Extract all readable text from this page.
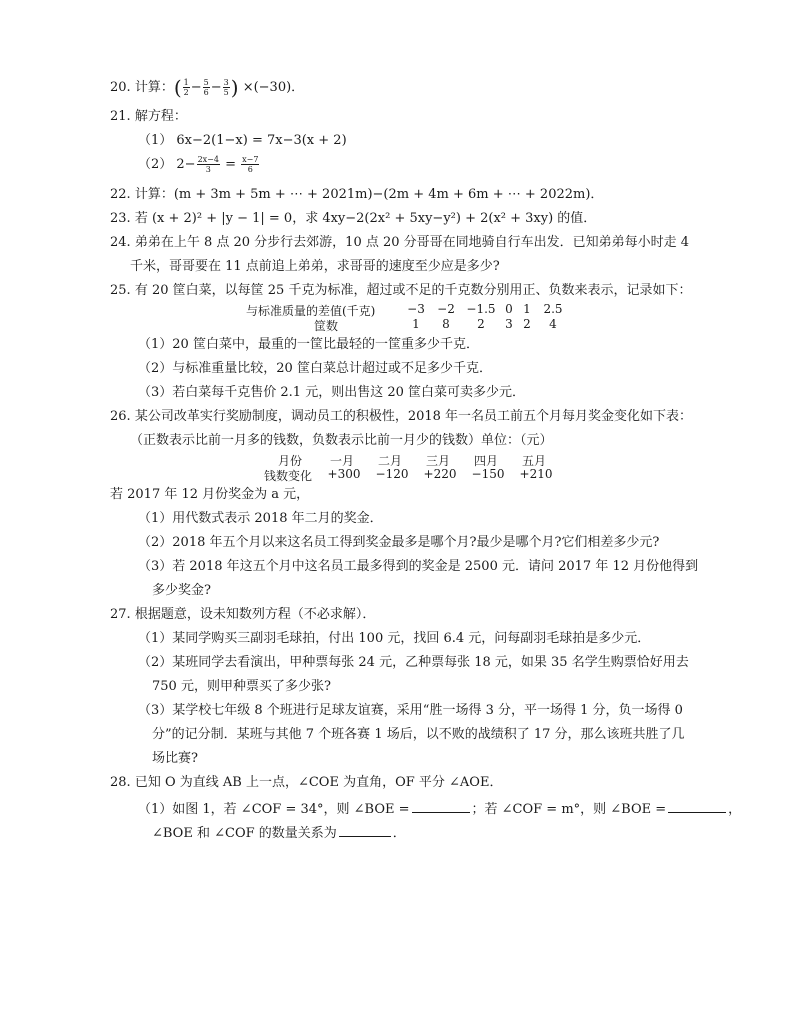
20. 计算：( $\frac{1}{2} - \frac{5}{6} - \frac{3}{5}$ ) ×(−30)．
21. 解方程：
（1） 6x−2(1−x) = 7x−3(x + 2)
（2） $2- \frac{2x-4}{3} = \frac{x-7}{6}$
22. 计算：(m + 3m + 5m + ⋯ + 2021m)−(2m + 4m + 6m + ⋯ + 2022m)．
23. 若 (x + 2)² + |y − 1| = 0，求 4xy−2(2x² + 5xy−y²) + 2(x² + 3xy) 的值．
24. 弟弟在上午 8 点 20 分步行去郊游，10 点 20 分哥哥在同地骑自行车出发．已知弟弟每小时走 4
千米，哥哥要在 11 点前追上弟弟，求哥哥的速度至少应是多少?
25. 有 20 筐白菜，以每筐 25 千克为标准，超过或不足的千克数分别用正、负数来表示，记录如下：
与标准质量的差值(千克)	−3 −2 −1.5 0 1	2.5
筐数	1	8	2	3 2	4
（1）20 筐白菜中，最重的一筐比最轻的一筐重多少千克．
（2）与标准重量比较，20 筐白菜总计超过或不足多少千克．
（3）若白菜每千克售价 2.1 元，则出售这 20 筐白菜可卖多少元．
26. 某公司改革实行奖励制度，调动员工的积极性，2018 年一名员工前五个月每月奖金变化如下表：
（正数表示比前一月多的钱数，负数表示比前一月少的钱数）单位：（元）
月份	一月	二月	三月	四月	五月
钱数变化	+300 −120 +220 −150 +210
若 2017 年 12 月份奖金为 a 元，
（1）用代数式表示 2018 年二月的奖金．
（2）2018 年五个月以来这名员工得到奖金最多是哪个月?最少是哪个月?它们相差多少元?
（3）若 2018 年这五个月中这名员工最多得到的奖金是 2500 元．请问 2017 年 12 月份他得到
多少奖金?
27. 根据题意，设未知数列方程（不必求解）．
（1）某同学购买三副羽毛球拍，付出 100 元，找回 6.4 元，问每副羽毛球拍是多少元．
（2）某班同学去看演出，甲种票每张 24 元，乙种票每张 18 元，如果 35 名学生购票恰好用去
750 元，则甲种票买了多少张?
（3）某学校七年级 8 个班进行足球友谊赛，采用“胜一场得 3 分，平一场得 1 分，负一场得 0
分”的记分制．某班与其他 7 个班各赛 1 场后，以不败的战绩积了 17 分，那么该班共胜了几
场比赛?
28. 已知 O 为直线 AB 上一点，∠COE 为直角，OF 平分 ∠AOE．
（1）如图 1，若 ∠COF = 34°，则 ∠BOE =	；若 ∠COF = m°，则 ∠BOE =	，
∠BOE 和 ∠COF 的数量关系为	．
